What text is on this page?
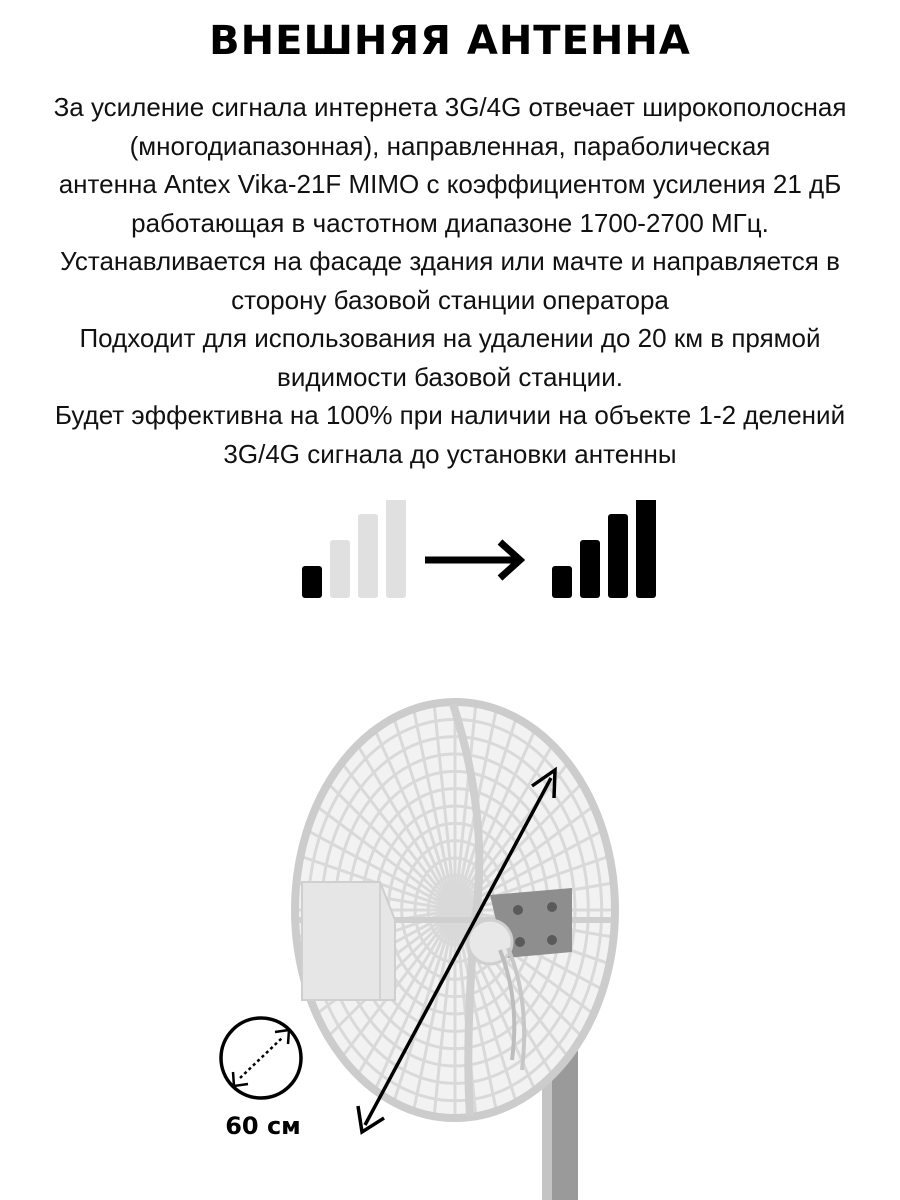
ВНЕШНЯЯ АНТЕННА
За усиление сигнала интернета 3G/4G отвечает широкополосная
(многодиапазонная), направленная, параболическая
антенна Antex Vika-21F MIMO с коэффициентом усиления 21 дБ
работающая в частотном диапазоне 1700-2700 МГц.
Устанавливается на фасаде здания или мачте и направляется в
сторону базовой станции оператора
Подходит для использования на удалении до 20 км в прямой
видимости базовой станции.
Будет эффективна на 100% при наличии на объекте 1-2 делений
3G/4G сигнала до установки антенны
60 см
